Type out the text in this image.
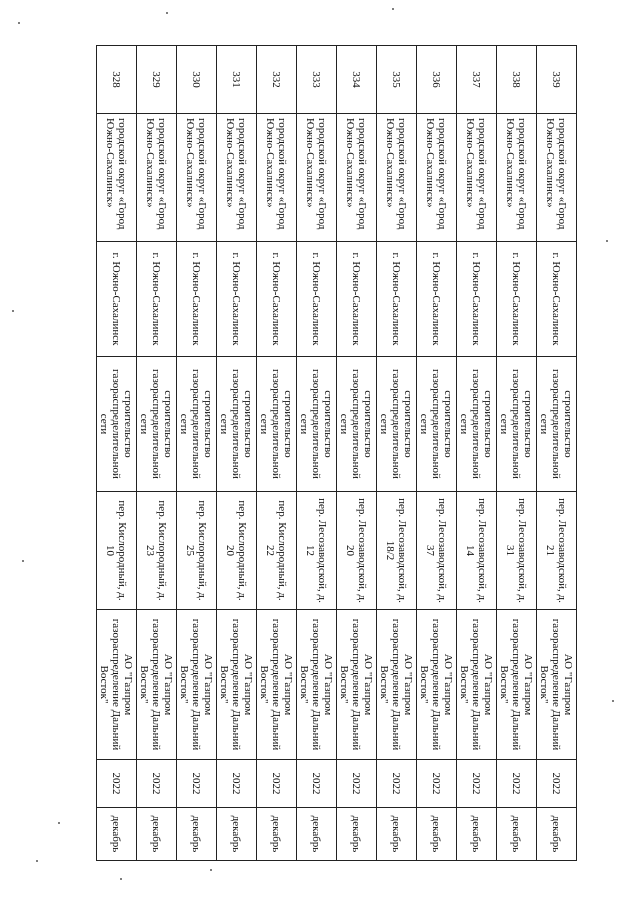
339	городской округ «Город Южно-Сахалинск»	г. Южно-Сахалинск	строительство газораспределительной сети	пер. Лесозаводской, д. 21	АО "Газпром газораспределение Дальний Восток"	2022	декабрь
338	городской округ «Город Южно-Сахалинск»	г. Южно-Сахалинск	строительство газораспределительной сети	пер. Лесозаводской, д. 31	АО "Газпром газораспределение Дальний Восток"	2022	декабрь
337	городской округ «Город Южно-Сахалинск»	г. Южно-Сахалинск	строительство газораспределительной сети	пер. Лесозаводской, д. 14	АО "Газпром газораспределение Дальний Восток"	2022	декабрь
336	городской округ «Город Южно-Сахалинск»	г. Южно-Сахалинск	строительство газораспределительной сети	пер. Лесозаводской, д. 37	АО "Газпром газораспределение Дальний Восток"	2022	декабрь
335	городской округ «Город Южно-Сахалинск»	г. Южно-Сахалинск	строительство газораспределительной сети	пер. Лесозаводской, д. 18/2	АО "Газпром газораспределение Дальний Восток"	2022	декабрь
334	городской округ «Город Южно-Сахалинск»	г. Южно-Сахалинск	строительство газораспределительной сети	пер. Лесозаводской, д. 20	АО "Газпром газораспределение Дальний Восток"	2022	декабрь
333	городской округ «Город Южно-Сахалинск»	г. Южно-Сахалинск	строительство газораспределительной сети	пер. Лесозаводской, д. 12	АО "Газпром газораспределение Дальний Восток"	2022	декабрь
332	городской округ «Город Южно-Сахалинск»	г. Южно-Сахалинск	строительство газораспределительной сети	пер. Кислородный, д. 22	АО "Газпром газораспределение Дальний Восток"	2022	декабрь
331	городской округ «Город Южно-Сахалинск»	г. Южно-Сахалинск	строительство газораспределительной сети	пер. Кислородный, д. 20	АО "Газпром газораспределение Дальний Восток"	2022	декабрь
330	городской округ «Город Южно-Сахалинск»	г. Южно-Сахалинск	строительство газораспределительной сети	пер. Кислородный, д. 25	АО "Газпром газораспределение Дальний Восток"	2022	декабрь
329	городской округ «Город Южно-Сахалинск»	г. Южно-Сахалинск	строительство газораспределительной сети	пер. Кислородный, д. 23	АО "Газпром газораспределение Дальний Восток"	2022	декабрь
328	городской округ «Город Южно-Сахалинск»	г. Южно-Сахалинск	строительство газораспределительной сети	пер. Кислородный, д. 10	АО "Газпром газораспределение Дальний Восток"	2022	декабрь
